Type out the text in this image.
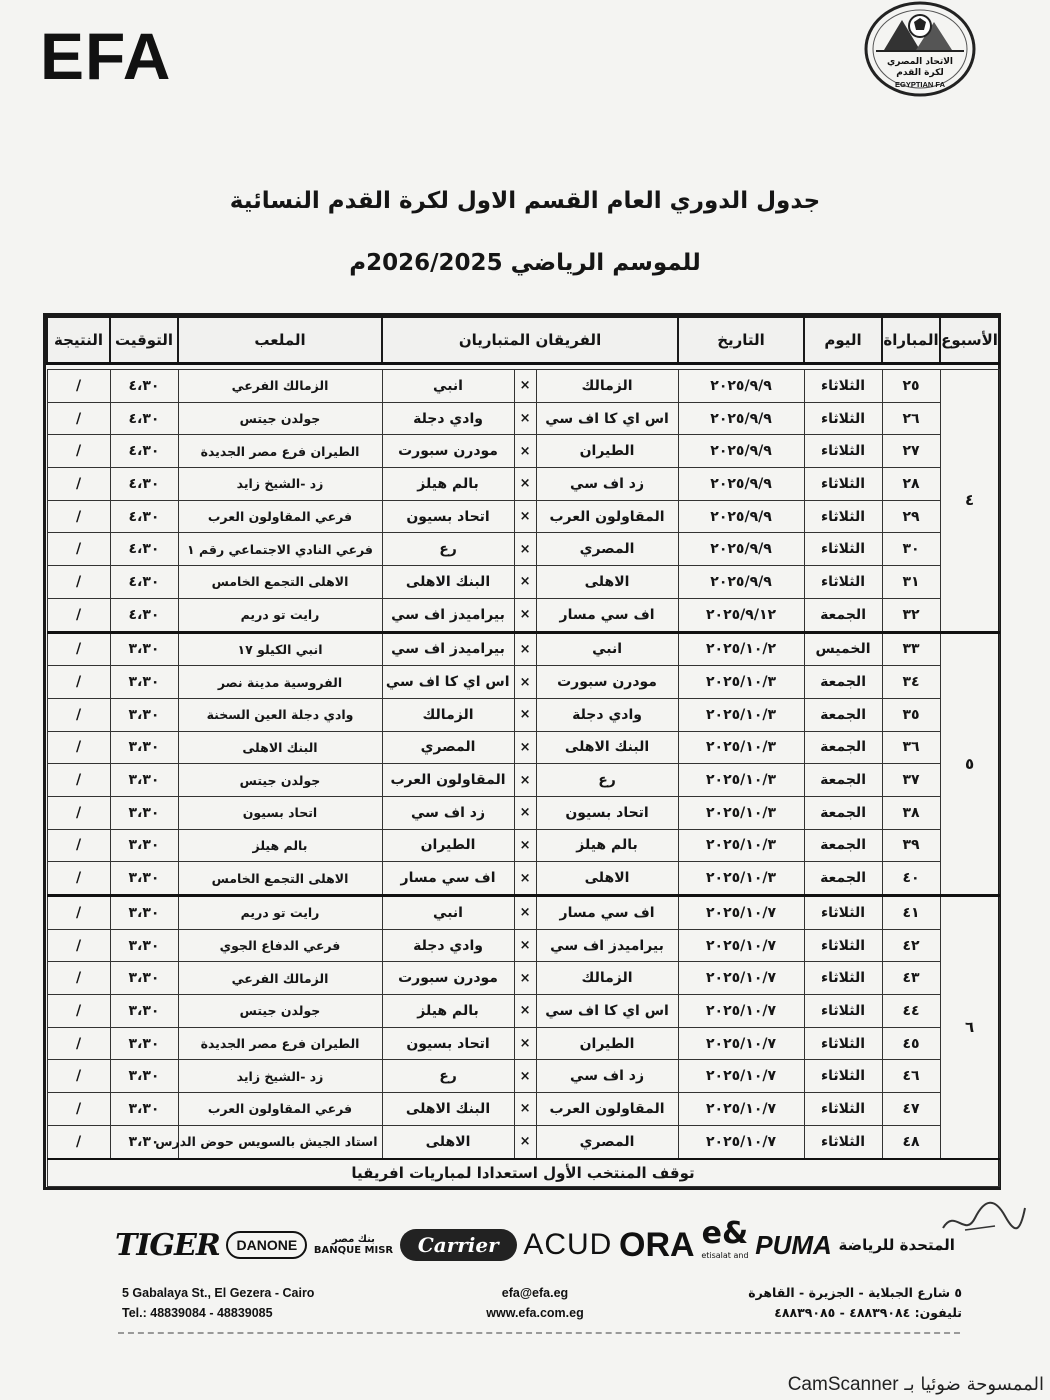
EFA	الاتحاد المصري
لكرة القدم
EGYPTIAN FA
جدول الدوري العام القسم الاول لكرة القدم النسائية
للموسم الرياضي 2026/2025م
الأسبوع	المباراة	اليوم	التاريخ	الفريقان المتباريان			الملعب	التوقيت	النتيجة

٤	٢٥	الثلاثاء	٢٠٢٥/٩/٩	الزمالك	×	انبي	الزمالك الفرعي	٤،٣٠	/
	٢٦	الثلاثاء	٢٠٢٥/٩/٩	اس اي كا اف سي	×	وادي دجلة	جولدن جيتس	٤،٣٠	/
	٢٧	الثلاثاء	٢٠٢٥/٩/٩	الطيران	×	مودرن سبورت	الطيران فرع مصر الجديدة	٤،٣٠	/
	٢٨	الثلاثاء	٢٠٢٥/٩/٩	زد اف سي	×	بالم هيلز	زد -الشيخ زايد	٤،٣٠	/
	٢٩	الثلاثاء	٢٠٢٥/٩/٩	المقاولون العرب	×	اتحاد بسيون	فرعي المقاولون العرب	٤،٣٠	/
	٣٠	الثلاثاء	٢٠٢٥/٩/٩	المصري	×	رع	فرعي النادي الاجتماعي رقم ١	٤،٣٠	/
	٣١	الثلاثاء	٢٠٢٥/٩/٩	الاهلى	×	البنك الاهلى	الاهلى التجمع الخامس	٤،٣٠	/
	٣٢	الجمعة	٢٠٢٥/٩/١٢	اف سي مسار	×	بيراميدز اف سي	رايت تو دريم	٤،٣٠	/
٥	٣٣	الخميس	٢٠٢٥/١٠/٢	انبي	×	بيراميدز اف سي	انبي الكيلو ١٧	٣،٣٠	/
	٣٤	الجمعة	٢٠٢٥/١٠/٣	مودرن سبورت	×	اس اي كا اف سي	الفروسية مدينة نصر	٣،٣٠	/
	٣٥	الجمعة	٢٠٢٥/١٠/٣	وادي دجلة	×	الزمالك	وادي دجلة العين السخنة	٣،٣٠	/
	٣٦	الجمعة	٢٠٢٥/١٠/٣	البنك الاهلى	×	المصري	البنك الاهلى	٣،٣٠	/
	٣٧	الجمعة	٢٠٢٥/١٠/٣	رع	×	المقاولون العرب	جولدن جيتس	٣،٣٠	/
	٣٨	الجمعة	٢٠٢٥/١٠/٣	اتحاد بسيون	×	زد اف سي	اتحاد بسيون	٣،٣٠	/
	٣٩	الجمعة	٢٠٢٥/١٠/٣	بالم هيلز	×	الطيران	بالم هيلز	٣،٣٠	/
	٤٠	الجمعة	٢٠٢٥/١٠/٣	الاهلى	×	اف سي مسار	الاهلى التجمع الخامس	٣،٣٠	/
٦	٤١	الثلاثاء	٢٠٢٥/١٠/٧	اف سي مسار	×	انبي	رايت تو دريم	٣،٣٠	/
	٤٢	الثلاثاء	٢٠٢٥/١٠/٧	بيراميدز اف سي	×	وادي دجلة	فرعي الدفاع الجوي	٣،٣٠	/
	٤٣	الثلاثاء	٢٠٢٥/١٠/٧	الزمالك	×	مودرن سبورت	الزمالك الفرعي	٣،٣٠	/
	٤٤	الثلاثاء	٢٠٢٥/١٠/٧	اس اي كا اف سي	×	بالم هيلز	جولدن جيتس	٣،٣٠	/
	٤٥	الثلاثاء	٢٠٢٥/١٠/٧	الطيران	×	اتحاد بسيون	الطيران فرع مصر الجديدة	٣،٣٠	/
	٤٦	الثلاثاء	٢٠٢٥/١٠/٧	زد اف سي	×	رع	زد -الشيخ زايد	٣،٣٠	/
	٤٧	الثلاثاء	٢٠٢٥/١٠/٧	المقاولون العرب	×	البنك الاهلى	فرعي المقاولون العرب	٣،٣٠	/
	٤٨	الثلاثاء	٢٠٢٥/١٠/٧	المصري	×	الاهلى	استاد الجيش بالسويس حوض الدرس	٣،٣٠	/
توقف المنتخب الأول استعدادا لمباريات افريقيا									
TIGER	DANONE	بنك مصر
BANQUE MISR	Carrier ACUD ORA e&
etisalat and PUMA المتحدة للرياضة
5 Gabalaya St., El Gezera - Cairo
Tel.: 48839084 - 48839085
efa@efa.eg
www.efa.com.eg
٥ شارع الجبلاية - الجزيرة - القاهرة
تليفون: ٤٨٨٣٩٠٨٤ - ٤٨٨٣٩٠٨٥
الممسوحة ضوئيا بـ CamScanner
